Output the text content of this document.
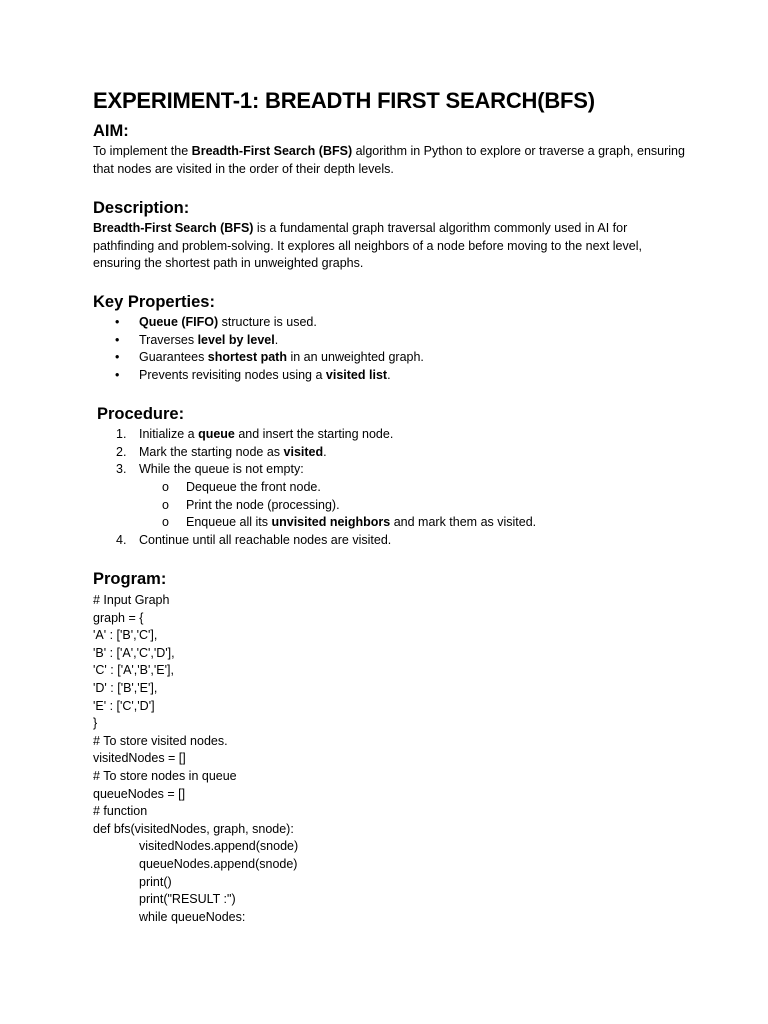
EXPERIMENT-1: BREADTH FIRST SEARCH(BFS)
AIM:

To implement the Breadth-First Search (BFS) algorithm in Python to explore or traverse a graph, ensuring that nodes are visited in the order of their depth levels.

Description:

Breadth-First Search (BFS) is a fundamental graph traversal algorithm commonly used in AI for pathfinding and problem-solving. It explores all neighbors of a node before moving to the next level, ensuring the shortest path in unweighted graphs.

Key Properties:
• Queue (FIFO) structure is used.
• Traverses level by level.
• Guarantees shortest path in an unweighted graph.
• Prevents revisiting nodes using a visited list.
Procedure:
1. Initialize a queue and insert the starting node.
2. Mark the starting node as visited.
3. While the queue is not empty:
o Dequeue the front node.
o Print the node (processing).
o Enqueue all its unvisited neighbors and mark them as visited.
4. Continue until all reachable nodes are visited.
Program:
# Input Graph
graph = {
'A' : ['B','C'],
'B' : ['A','C','D'],
'C' : ['A','B','E'],
'D' : ['B','E'],
'E' : ['C','D']
}
# To store visited nodes.
visitedNodes = []
# To store nodes in queue
queueNodes = []
# function
def bfs(visitedNodes, graph, snode):
visitedNodes.append(snode)
queueNodes.append(snode)
print()
print("RESULT :")
while queueNodes:
